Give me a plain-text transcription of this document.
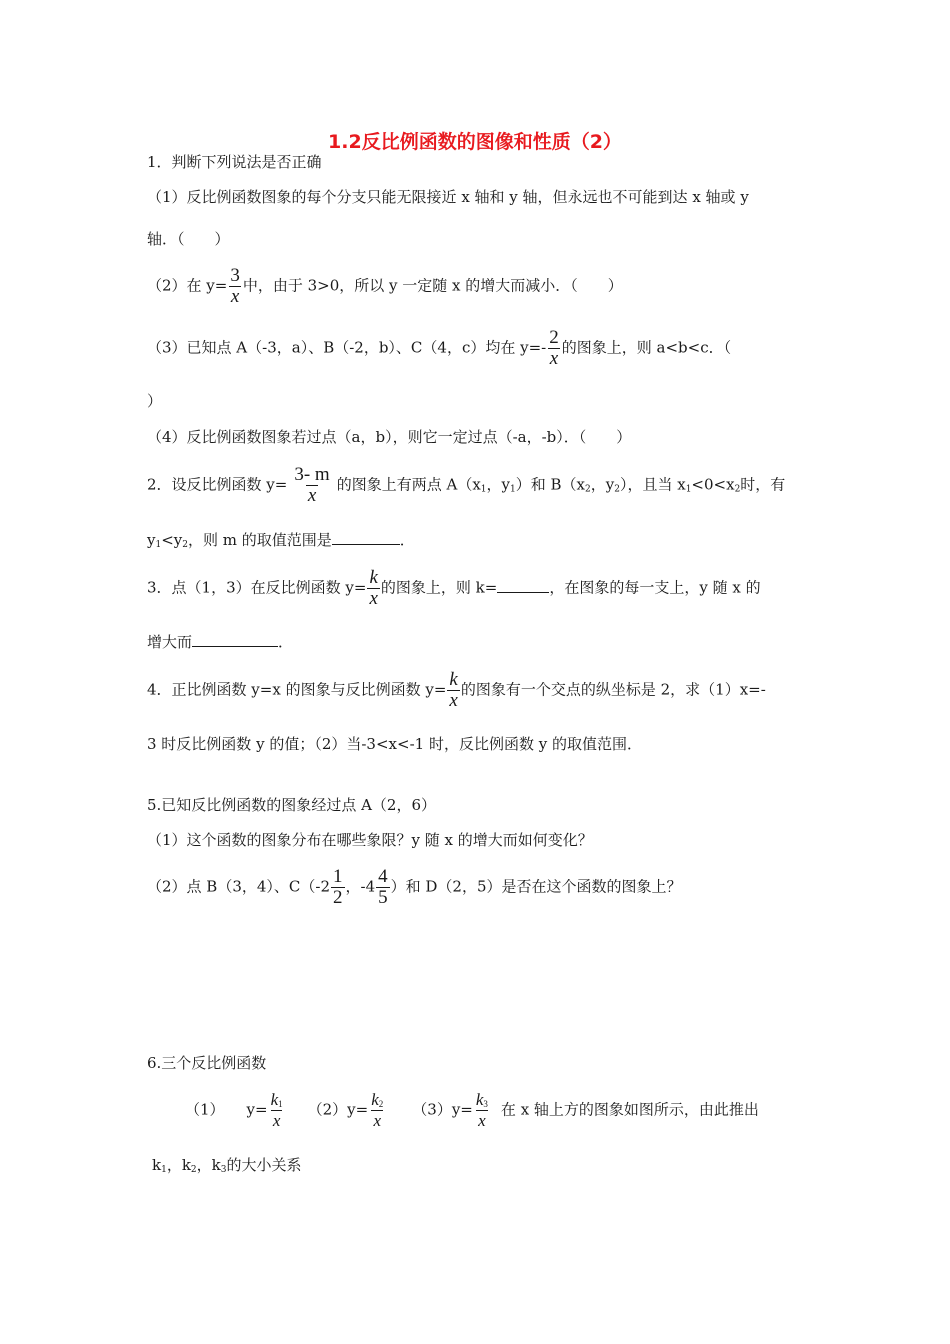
1.2反比例函数的图像和性质（2）
1．判断下列说法是否正确
（1）反比例函数图象的每个分支只能无限接近 x 轴和 y 轴，但永远也不可能到达 x 轴或 y
轴．（　　）
（2）在 $y= \frac{3}{x}$ 中，由于 3>0，所以 y 一定随 x 的增大而减小．（　　）
（3）已知点 A（-3，a）、B（-2，b）、C（4，c）均在 $y=- \frac{2}{x}$ 的图象上，则 a<b<c．（
）
（4）反比例函数图象若过点（a，b），则它一定过点（-a，-b）．（　　）
2．设反比例函数 $y= \frac{3- m}{x}$ 的图象上有两点 $A(x_1$，$y_1$）和 $B(x_2$，$y_2$），且当 $x_1<0<x_2$时，有
$y_1<y_2$，则 m 的取值范围是	．
3．点（1，3）在反比例函数 $y= \frac{k}{x}$ 的图象上，则 k=	，在图象的每一支上，y 随 x 的
增大而	．
4．正比例函数 y=x 的图象与反比例函数 $y= \frac{k}{x}$ 的图象有一个交点的纵坐标是 2，求（1）x=-
3 时反比例函数 y 的值；（2）当-3<x<-1 时，反比例函数 y 的取值范围．
5.已知反比例函数的图象经过点 A（2，6）
（1）这个函数的图象分布在哪些象限？y 随 x 的增大而如何变化？
（2）点 B（3，4）、$C(-2 \frac{1}{2}$ ，$-4 \frac{4}{5}$ ）和 D（2，5）是否在这个函数的图象上？
6.三个反比例函数
（1） $y= \frac{k_1}{x} (2)y= \frac{k_2}{x} (3)y= \frac{k_3}{x}$ 在 x 轴上方的图象如图所示，由此推出
$k_1$，$k_2$，$k_3$的大小关系
